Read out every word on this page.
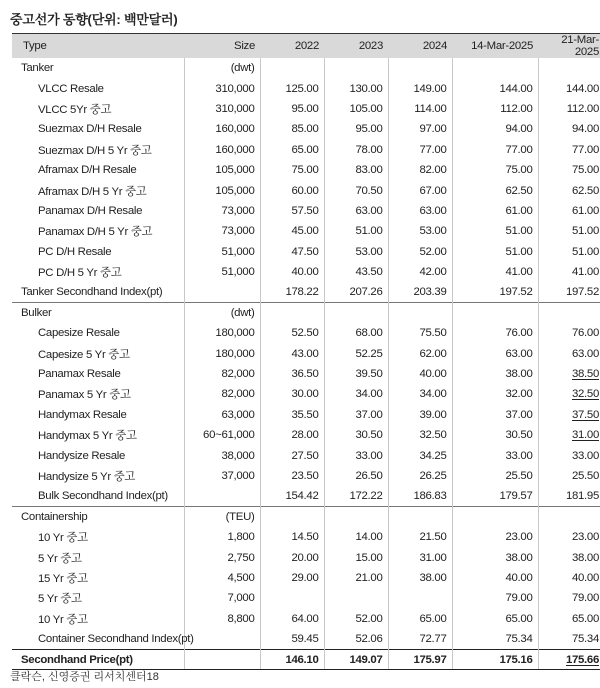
중고선가 동향(단위: 백만달러)
Type	Size	2022	2023	2024	14-Mar-2025	21-Mar-2025
Tanker	(dwt)					
VLCC Resale	310,000	125.00	130.00	149.00	144.00	144.00
VLCC 5Yr 중고	310,000	95.00	105.00	114.00	112.00	112.00
Suezmax D/H Resale	160,000	85.00	95.00	97.00	94.00	94.00
Suezmax D/H 5 Yr 중고	160,000	65.00	78.00	77.00	77.00	77.00
Aframax D/H Resale	105,000	75.00	83.00	82.00	75.00	75.00
Aframax D/H 5 Yr 중고	105,000	60.00	70.50	67.00	62.50	62.50
Panamax D/H Resale	73,000	57.50	63.00	63.00	61.00	61.00
Panamax D/H 5 Yr 중고	73,000	45.00	51.00	53.00	51.00	51.00
PC D/H Resale	51,000	47.50	53.00	52.00	51.00	51.00
PC D/H 5 Yr 중고	51,000	40.00	43.50	42.00	41.00	41.00
Tanker Secondhand Index(pt)		178.22	207.26	203.39	197.52	197.52
Bulker	(dwt)					
Capesize Resale	180,000	52.50	68.00	75.50	76.00	76.00
Capesize 5 Yr 중고	180,000	43.00	52.25	62.00	63.00	63.00
Panamax Resale	82,000	36.50	39.50	40.00	38.00	38.50
Panamax 5 Yr 중고	82,000	30.00	34.00	34.00	32.00	32.50
Handymax Resale	63,000	35.50	37.00	39.00	37.00	37.50
Handymax 5 Yr 중고	60~61,000	28.00	30.50	32.50	30.50	31.00
Handysize Resale	38,000	27.50	33.00	34.25	33.00	33.00
Handysize 5 Yr 중고	37,000	23.50	26.50	26.25	25.50	25.50
Bulk Secondhand Index(pt)		154.42	172.22	186.83	179.57	181.95
Containership	(TEU)					
10 Yr 중고	1,800	14.50	14.00	21.50	23.00	23.00
5 Yr 중고	2,750	20.00	15.00	31.00	38.00	38.00
15 Yr 중고	4,500	29.00	21.00	38.00	40.00	40.00
5 Yr 중고	7,000				79.00	79.00
10 Yr 중고	8,800	64.00	52.00	65.00	65.00	65.00
Container Secondhand Index(pt)		59.45	52.06	72.77	75.34	75.34
Secondhand Price(pt)		146.10	149.07	175.97	175.16	175.66
클락슨, 신영증권 리서치센터18
